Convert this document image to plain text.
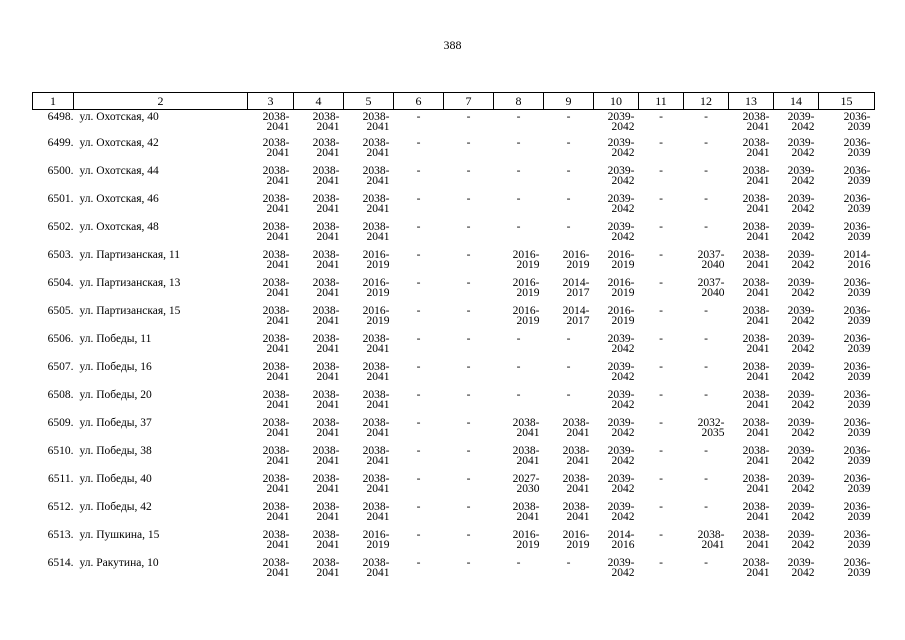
388
1	2	3	4	5	6	7	8	9	10	11	12	13	14	15
6498.	ул. Охотская, 40	2038-
2041	2038-
2041	2038-
2041	-	-	-	-	2039-
2042	-	-	2038-
2041	2039-
2042	2036-
2039

6499.	ул. Охотская, 42	2038-
2041	2038-
2041	2038-
2041	-	-	-	-	2039-
2042	-	-	2038-
2041	2039-
2042	2036-
2039

6500.	ул. Охотская, 44	2038-
2041	2038-
2041	2038-
2041	-	-	-	-	2039-
2042	-	-	2038-
2041	2039-
2042	2036-
2039

6501.	ул. Охотская, 46	2038-
2041	2038-
2041	2038-
2041	-	-	-	-	2039-
2042	-	-	2038-
2041	2039-
2042	2036-
2039

6502.	ул. Охотская, 48	2038-
2041	2038-
2041	2038-
2041	-	-	-	-	2039-
2042	-	-	2038-
2041	2039-
2042	2036-
2039

6503.	ул. Партизанская, 11	2038-
2041	2038-
2041	2016-
2019	-	-	2016-
2019	2016-
2019	2016-
2019	-	2037-
2040	2038-
2041	2039-
2042	2014-
2016

6504.	ул. Партизанская, 13	2038-
2041	2038-
2041	2016-
2019	-	-	2016-
2019	2014-
2017	2016-
2019	-	2037-
2040	2038-
2041	2039-
2042	2036-
2039

6505.	ул. Партизанская, 15	2038-
2041	2038-
2041	2016-
2019	-	-	2016-
2019	2014-
2017	2016-
2019	-	-	2038-
2041	2039-
2042	2036-
2039

6506.	ул. Победы, 11	2038-
2041	2038-
2041	2038-
2041	-	-	-	-	2039-
2042	-	-	2038-
2041	2039-
2042	2036-
2039

6507.	ул. Победы, 16	2038-
2041	2038-
2041	2038-
2041	-	-	-	-	2039-
2042	-	-	2038-
2041	2039-
2042	2036-
2039

6508.	ул. Победы, 20	2038-
2041	2038-
2041	2038-
2041	-	-	-	-	2039-
2042	-	-	2038-
2041	2039-
2042	2036-
2039

6509.	ул. Победы, 37	2038-
2041	2038-
2041	2038-
2041	-	-	2038-
2041	2038-
2041	2039-
2042	-	2032-
2035	2038-
2041	2039-
2042	2036-
2039

6510.	ул. Победы, 38	2038-
2041	2038-
2041	2038-
2041	-	-	2038-
2041	2038-
2041	2039-
2042	-	-	2038-
2041	2039-
2042	2036-
2039

6511.	ул. Победы, 40	2038-
2041	2038-
2041	2038-
2041	-	-	2027-
2030	2038-
2041	2039-
2042	-	-	2038-
2041	2039-
2042	2036-
2039

6512.	ул. Победы, 42	2038-
2041	2038-
2041	2038-
2041	-	-	2038-
2041	2038-
2041	2039-
2042	-	-	2038-
2041	2039-
2042	2036-
2039

6513.	ул. Пушкина, 15	2038-
2041	2038-
2041	2016-
2019	-	-	2016-
2019	2016-
2019	2014-
2016	-	2038-
2041	2038-
2041	2039-
2042	2036-
2039

6514.	ул. Ракутина, 10	2038-
2041	2038-
2041	2038-
2041	-	-	-	-	2039-
2042	-	-	2038-
2041	2039-
2042	2036-
2039
